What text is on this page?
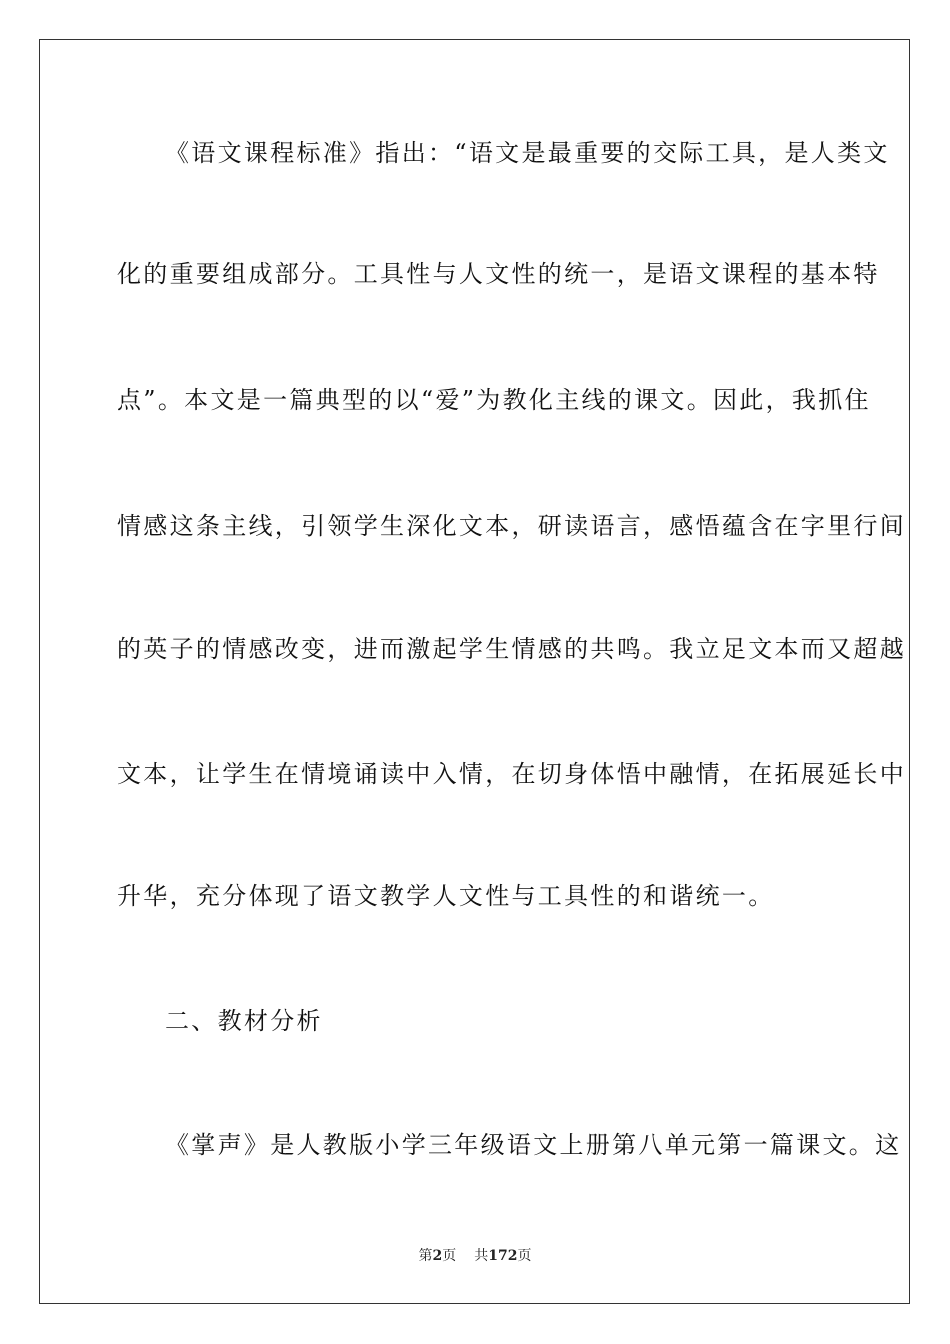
《语文课程标准》指出：“语文是最重要的交际工具，是人类文
化的重要组成部分。工具性与人文性的统一，是语文课程的基本特
点”。本文是一篇典型的以“爱”为教化主线的课文。因此，我抓住
情感这条主线，引领学生深化文本，研读语言，感悟蕴含在字里行间
的英子的情感改变，进而激起学生情感的共鸣。我立足文本而又超越
文本，让学生在情境诵读中入情，在切身体悟中融情，在拓展延长中
升华，充分体现了语文教学人文性与工具性的和谐统一。
二、教材分析
《掌声》是人教版小学三年级语文上册第八单元第一篇课文。这
第2页 共172页
